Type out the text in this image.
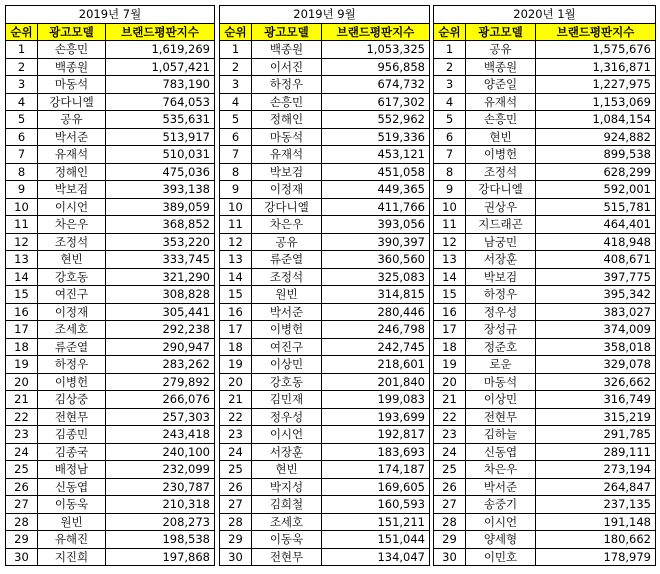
2019년 7월		
순위	광고모델	브랜드평판지수
1	손흥민	1,619,269
2	백종원	1,057,421
3	마동석	783,190
4	강다니엘	764,053
5	공유	535,631
6	박서준	513,917
7	유재석	510,031
8	정해인	475,036
9	박보검	393,138
10	이시언	389,059
11	차은우	368,852
12	조정석	353,220
13	현빈	333,745
14	강호동	321,290
15	여진구	308,828
16	이정재	305,441
17	조세호	292,238
18	류준열	290,947
19	하정우	283,262
20	이병헌	279,892
21	김상중	266,076
22	전현무	257,303
23	김종민	243,418
24	김종국	240,100
25	배정남	232,099
26	신동엽	230,787
27	이동욱	210,318
28	원빈	208,273
29	유해진	198,538
30	지진희	197,868
2019년 9월		
순위	광고모델	브랜드평판지수
1	백종원	1,053,325
2	이서진	956,858
3	하정우	674,732
4	손흥민	617,302
5	정해인	552,962
6	마동석	519,336
7	유재석	453,121
8	박보검	451,058
9	이정재	449,365
10	강다니엘	411,766
11	차은우	393,056
12	공유	390,397
13	류준열	360,560
14	조정석	325,083
15	원빈	314,815
16	박서준	280,446
17	이병헌	246,798
18	여진구	242,745
19	이상민	218,601
20	강호동	201,840
21	김민재	199,083
22	정우성	193,699
23	이시언	192,817
24	서장훈	183,693
25	현빈	174,187
26	박지성	169,605
27	김희철	160,593
28	조세호	151,211
29	이동욱	151,044
30	전현무	134,047
2020년 1월		
순위	광고모델	브랜드평판지수
1	공유	1,575,676
2	백종원	1,316,871
3	양준일	1,227,975
4	유재석	1,153,069
5	손흥민	1,084,154
6	현빈	924,882
7	이병헌	899,538
8	조정석	628,299
9	강다니엘	592,001
10	권상우	515,781
11	지드래곤	464,401
12	남궁민	418,948
13	서장훈	408,671
14	박보검	397,775
15	하정우	395,342
16	정우성	383,027
17	장성규	374,009
18	정준호	358,018
19	로운	329,078
20	마동석	326,662
21	이상민	316,749
22	전현무	315,219
23	김하늘	291,785
24	신동엽	289,111
25	차은우	273,194
26	박서준	264,847
27	송중기	237,135
28	이시언	191,148
29	양세형	180,662
30	이민호	178,979
